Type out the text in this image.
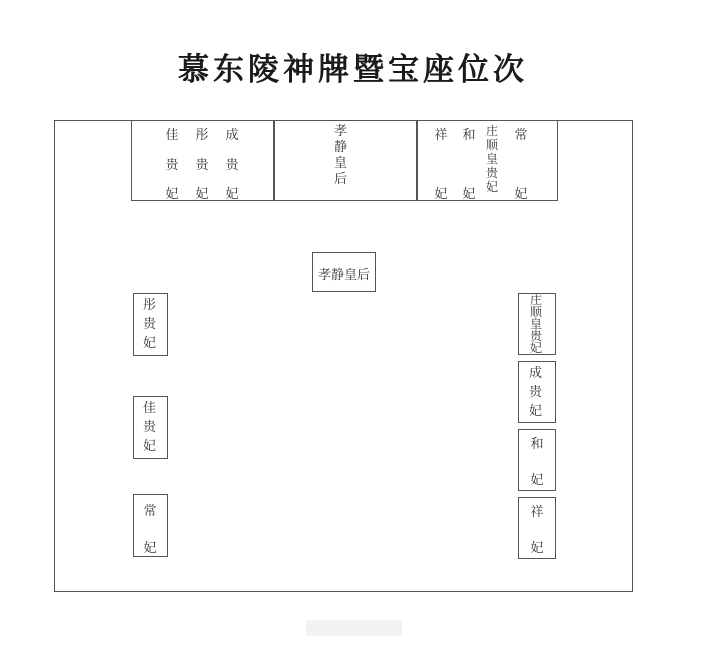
慕东陵神牌暨宝座位次
佳
贵
妃
彤
贵
妃
成
贵
妃
孝静皇后
祥
妃
和
妃
庄顺皇贵妃
常
妃
孝静皇后
彤贵妃
佳贵妃
常
妃
庄顺皇贵妃
成贵妃
和
妃
祥
妃
